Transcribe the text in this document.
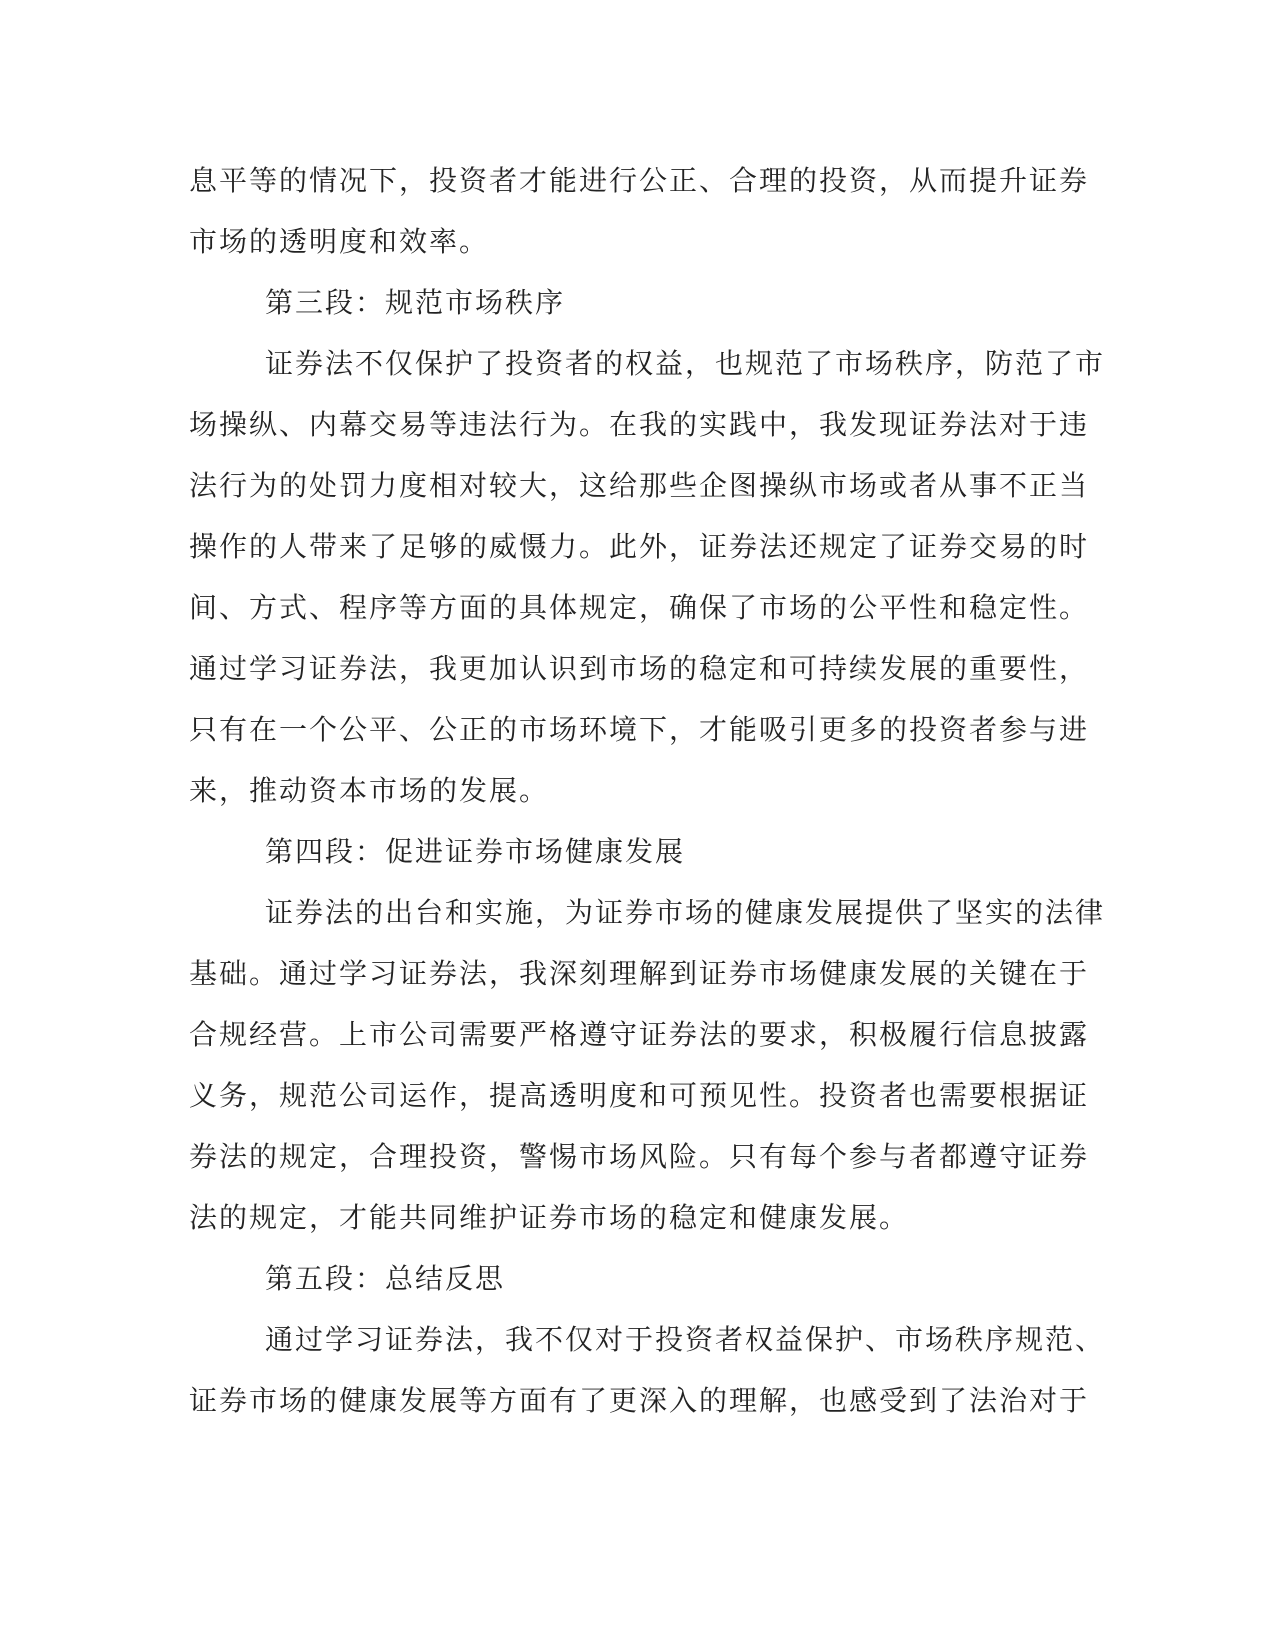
息平等的情况下，投资者才能进行公正、合理的投资，从而提升证券
市场的透明度和效率。
第三段：规范市场秩序
证券法不仅保护了投资者的权益，也规范了市场秩序，防范了市
场操纵、内幕交易等违法行为。在我的实践中，我发现证券法对于违
法行为的处罚力度相对较大，这给那些企图操纵市场或者从事不正当
操作的人带来了足够的威慑力。此外，证券法还规定了证券交易的时
间、方式、程序等方面的具体规定，确保了市场的公平性和稳定性。
通过学习证券法，我更加认识到市场的稳定和可持续发展的重要性，
只有在一个公平、公正的市场环境下，才能吸引更多的投资者参与进
来，推动资本市场的发展。
第四段：促进证券市场健康发展
证券法的出台和实施，为证券市场的健康发展提供了坚实的法律
基础。通过学习证券法，我深刻理解到证券市场健康发展的关键在于
合规经营。上市公司需要严格遵守证券法的要求，积极履行信息披露
义务，规范公司运作，提高透明度和可预见性。投资者也需要根据证
券法的规定，合理投资，警惕市场风险。只有每个参与者都遵守证券
法的规定，才能共同维护证券市场的稳定和健康发展。
第五段：总结反思
通过学习证券法，我不仅对于投资者权益保护、市场秩序规范、
证券市场的健康发展等方面有了更深入的理解，也感受到了法治对于
